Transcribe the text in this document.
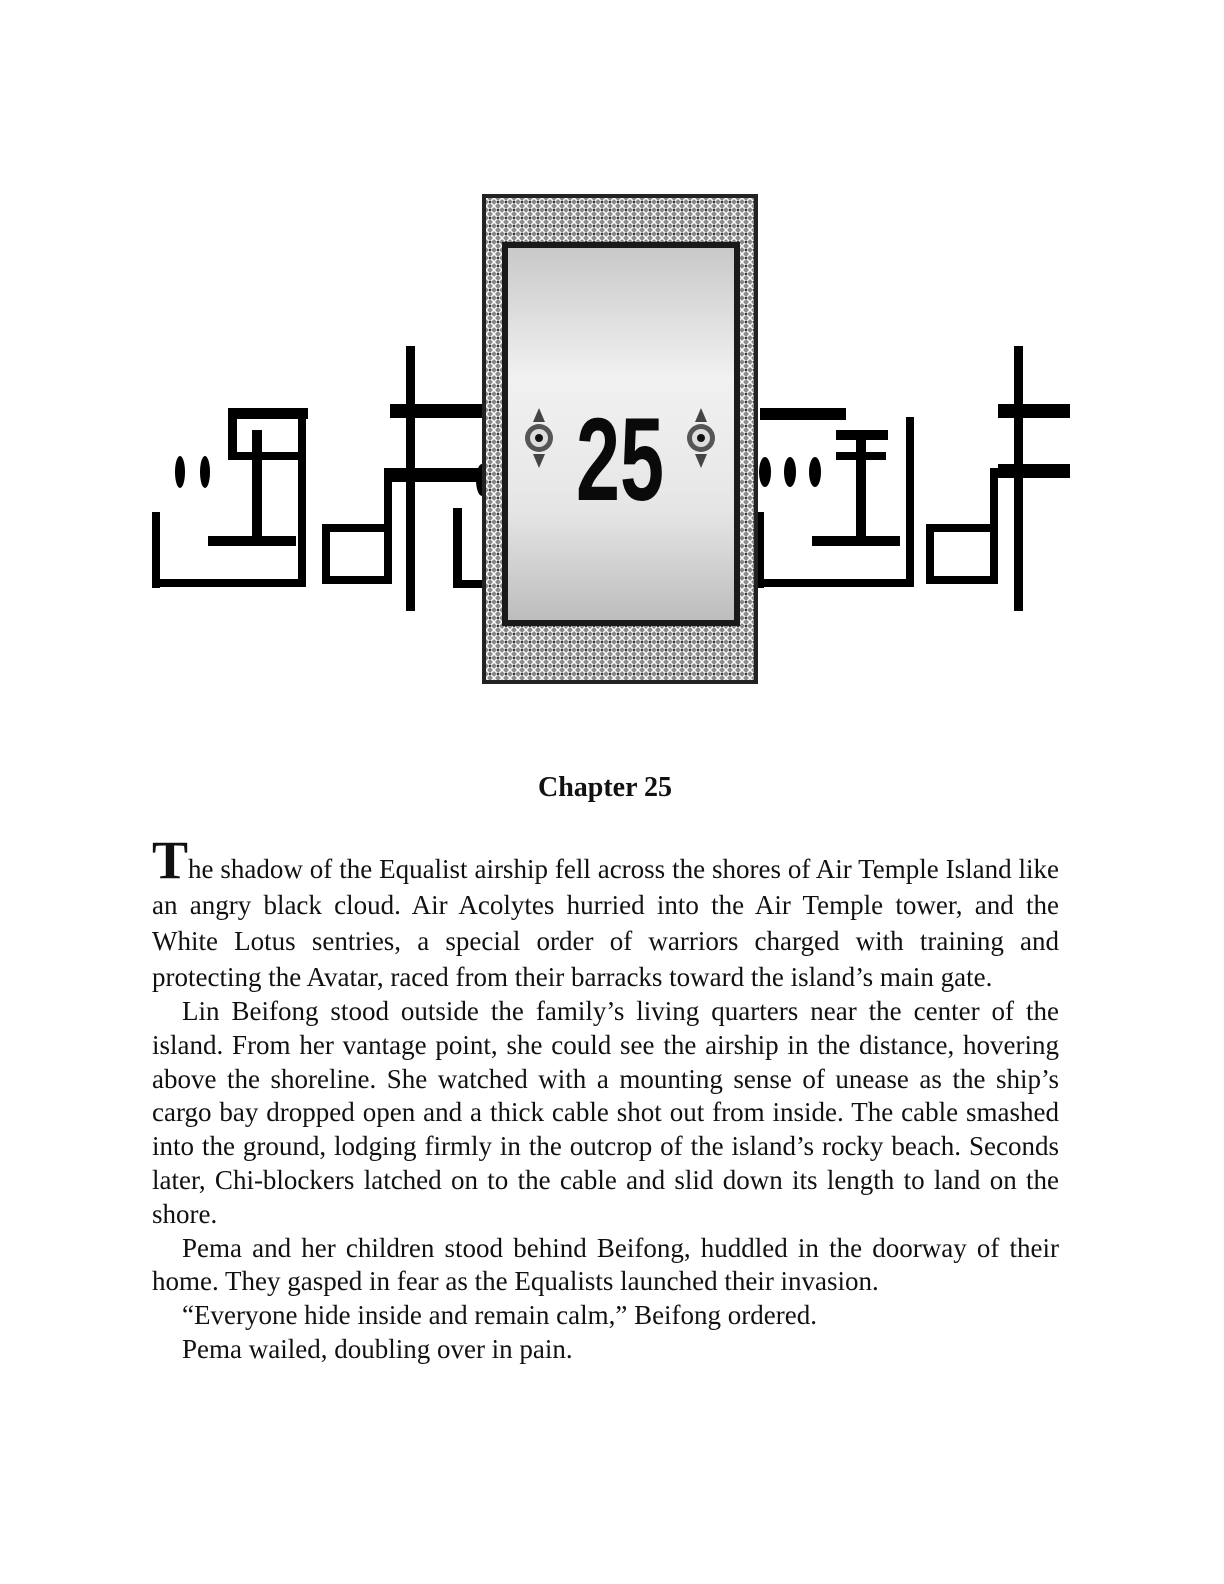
25
Chapter 25

The shadow of the Equalist airship fell across the shores of Air Temple Island like an angry black cloud. Air Acolytes hurried into the Air Temple tower, and the White Lotus sentries, a special order of warriors charged with training and protecting the Avatar, raced from their barracks toward the island’s main gate.

Lin Beifong stood outside the family’s living quarters near the center of the island. From her vantage point, she could see the airship in the distance, hovering above the shoreline. She watched with a mounting sense of unease as the ship’s cargo bay dropped open and a thick cable shot out from inside. The cable smashed into the ground, lodging firmly in the outcrop of the island’s rocky beach. Seconds later, Chi-blockers latched on to the cable and slid down its length to land on the shore.

Pema and her children stood behind Beifong, huddled in the doorway of their home. They gasped in fear as the Equalists launched their invasion.

“Everyone hide inside and remain calm,” Beifong ordered.

Pema wailed, doubling over in pain.
